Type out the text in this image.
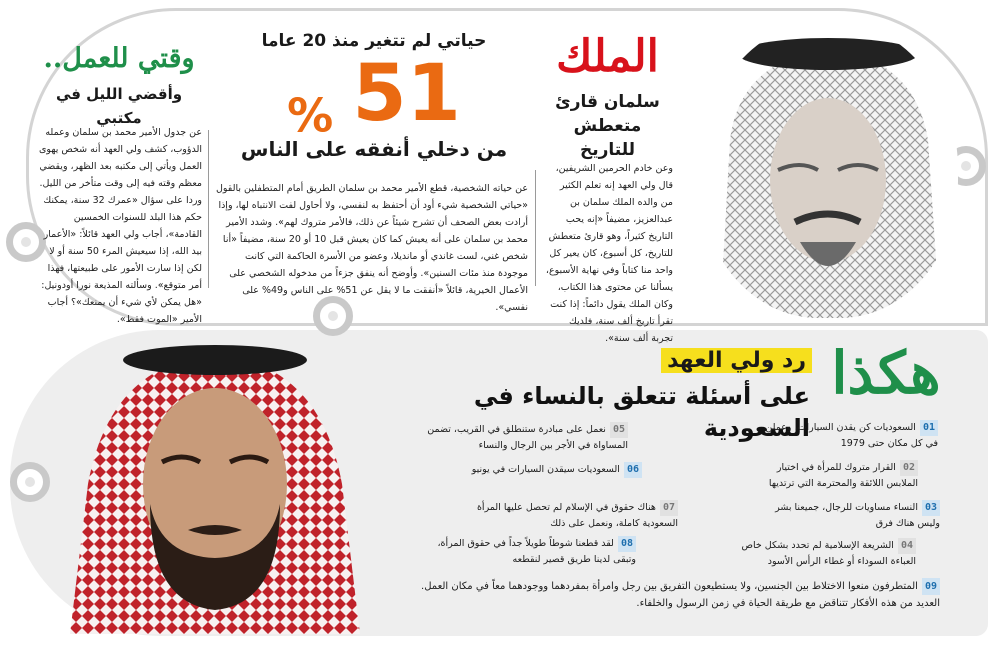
الملك
سلمان قارئ
متعطش للتاريخ

وعن خادم الحرمين الشريفين، قال ولي العهد إنه تعلم الكثير من والده الملك سلمان بن عبدالعزيز، مضيفاً «إنه يحب التاريخ كثيراً، وهو قارئ متعطش للتاريخ، كل أسبوع، كان يعير كل واحد منا كتاباً وفي نهاية الأسبوع، يسألنا عن محتوى هذا الكتاب، وكان الملك يقول دائماً: إذا كنت تقرأ تاريخ ألف سنة، فلديك تجربة ألف سنة».

حياتي لم تتغير منذ 20 عاما
% 51
من دخلي أنفقه على الناس

عن حياته الشخصية، قطع الأمير محمد بن سلمان الطريق أمام المتطفلين بالقول «حياتي الشخصية شيء أود أن أحتفظ به لنفسي، ولا أحاول لفت الانتباه لها، وإذا أرادت بعض الصحف أن تشرح شيئاً عن ذلك، فالأمر متروك لهم». وشدد الأمير محمد بن سلمان على أنه يعيش كما كان يعيش قبل 10 أو 20 سنة، مضيفاً «أنا شخص غني، لست غاندي أو مانديلا، وعضو من الأسرة الحاكمة التي كانت موجودة منذ مئات السنين». وأوضح أنه ينفق جزءاً من مدخوله الشخصي على الأعمال الخيرية، قائلاً «أنفقت ما لا يقل عن 51% على الناس و49% على نفسي».

وقتي للعمل..
وأقضي الليل في مكتبي

عن جدول الأمير محمد بن سلمان وعمله الدؤوب، كشف ولي العهد أنه شخص يهوى العمل ويأتي إلى مكتبه بعد الظهر، ويقضي معظم وقته فيه إلى وقت متأخر من الليل. وردا على سؤال «عمرك 32 سنة، يمكنك حكم هذا البلد للسنوات الخمسين القادمة»، أجاب ولي العهد قائلاً: «الأعمار بيد الله، إذا سيعيش المرء 50 سنة أو لا لكن إذا سارت الأمور على طبيعتها، فهذا أمر متوقع». وسألته المذيعة نورا أودونيل: «هل يمكن لأي شيء أن يمنعك»؟ أجاب الأمير «الموت فقط».

هكذا
رد ولي العهد
على أسئلة تتعلق بالنساء في السعودية	01السعوديات كن يقدن السيارات، وعملن في كل مكان حتى 1979
02القرار متروك للمرأة في اختيار الملابس اللائقة والمحترمة التي ترتديها
03النساء مساويات للرجال، جميعنا بشر وليس هناك فرق
04الشريعة الإسلامية لم تحدد بشكل خاص العباءة السوداء أو غطاء الرأس الأسود
05نعمل على مبادرة ستنطلق في القريب، تضمن المساواة في الأجر بين الرجال والنساء
06السعوديات سيقدن السيارات في يونيو
07هناك حقوق في الإسلام لم تحصل عليها المرأة السعودية كاملة، ونعمل على ذلك
08لقد قطعنا شوطاً طويلاً جداً في حقوق المرأة، وتبقى لدينا طريق قصير لنقطعه
09المتطرفون منعوا الاختلاط بين الجنسين، ولا يستطيعون التفريق بين رجل وامرأة بمفردهما ووجودهما معاً في مكان العمل. العديد من هذه الأفكار تتناقض مع طريقة الحياة في زمن الرسول والخلفاء.
